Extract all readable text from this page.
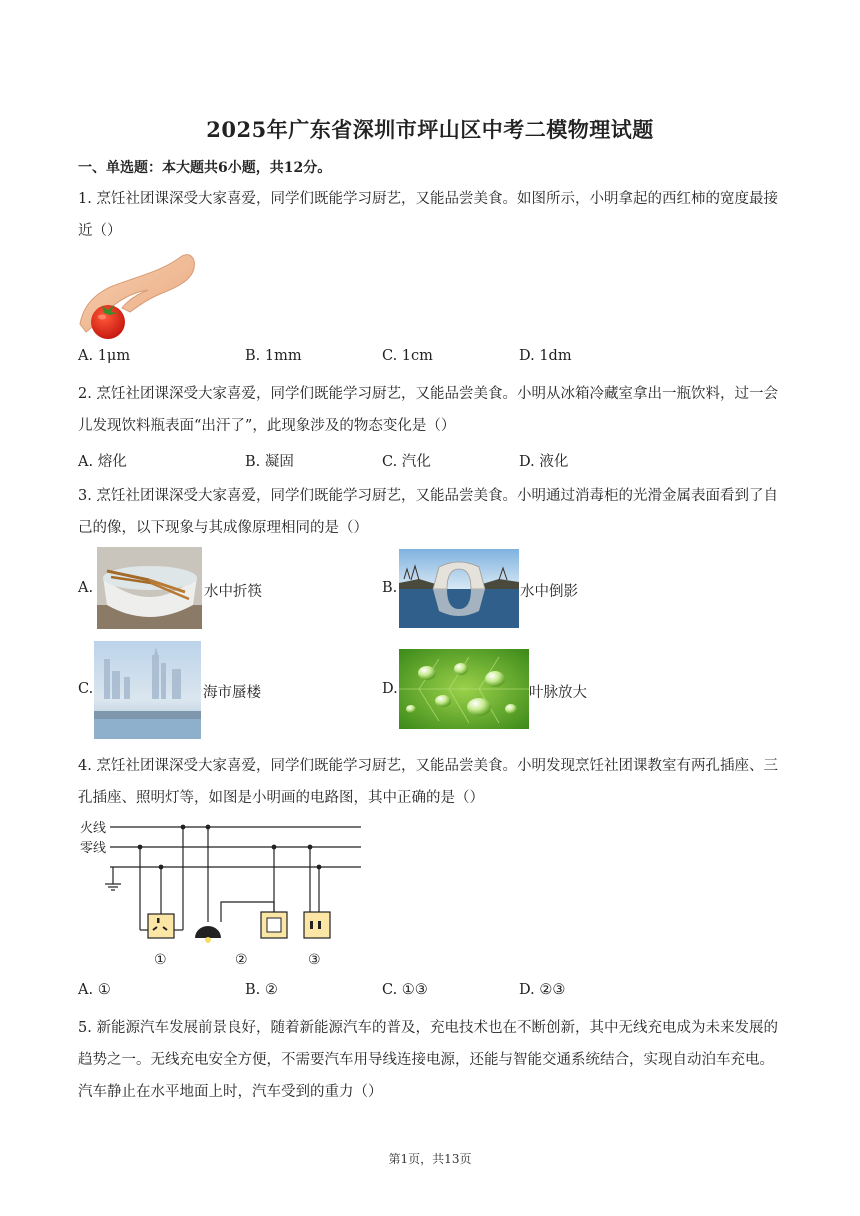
2025年广东省深圳市坪山区中考二模物理试题
一、单选题：本大题共6小题，共12分。
1. 烹饪社团课深受大家喜爱，同学们既能学习厨艺，又能品尝美食。如图所示，小明拿起的西红柿的宽度最接近（）
A. 1μm	B. 1mm	C. 1cm	D. 1dm
2. 烹饪社团课深受大家喜爱，同学们既能学习厨艺，又能品尝美食。小明从冰箱冷藏室拿出一瓶饮料，过一会儿发现饮料瓶表面“出汗了”，此现象涉及的物态变化是（）
A. 熔化	B. 凝固	C. 汽化	D. 液化
3. 烹饪社团课深受大家喜爱，同学们既能学习厨艺，又能品尝美食。小明通过消毒柜的光滑金属表面看到了自己的像，以下现象与其成像原理相同的是（）
A.	水中折筷	B.	水中倒影
C.	海市蜃楼	D.	叶脉放大
4. 烹饪社团课深受大家喜爱，同学们既能学习厨艺，又能品尝美食。小明发现烹饪社团课教室有两孔插座、三孔插座、照明灯等，如图是小明画的电路图，其中正确的是（）
火线
零线
①	②	③
A. ①	B. ②	C. ①③	D. ②③
5. 新能源汽车发展前景良好，随着新能源汽车的普及，充电技术也在不断创新，其中无线充电成为未来发展的趋势之一。无线充电安全方便，不需要汽车用导线连接电源，还能与智能交通系统结合，实现自动泊车充电。汽车静止在水平地面上时，汽车受到的重力（）
第1页，共13页
